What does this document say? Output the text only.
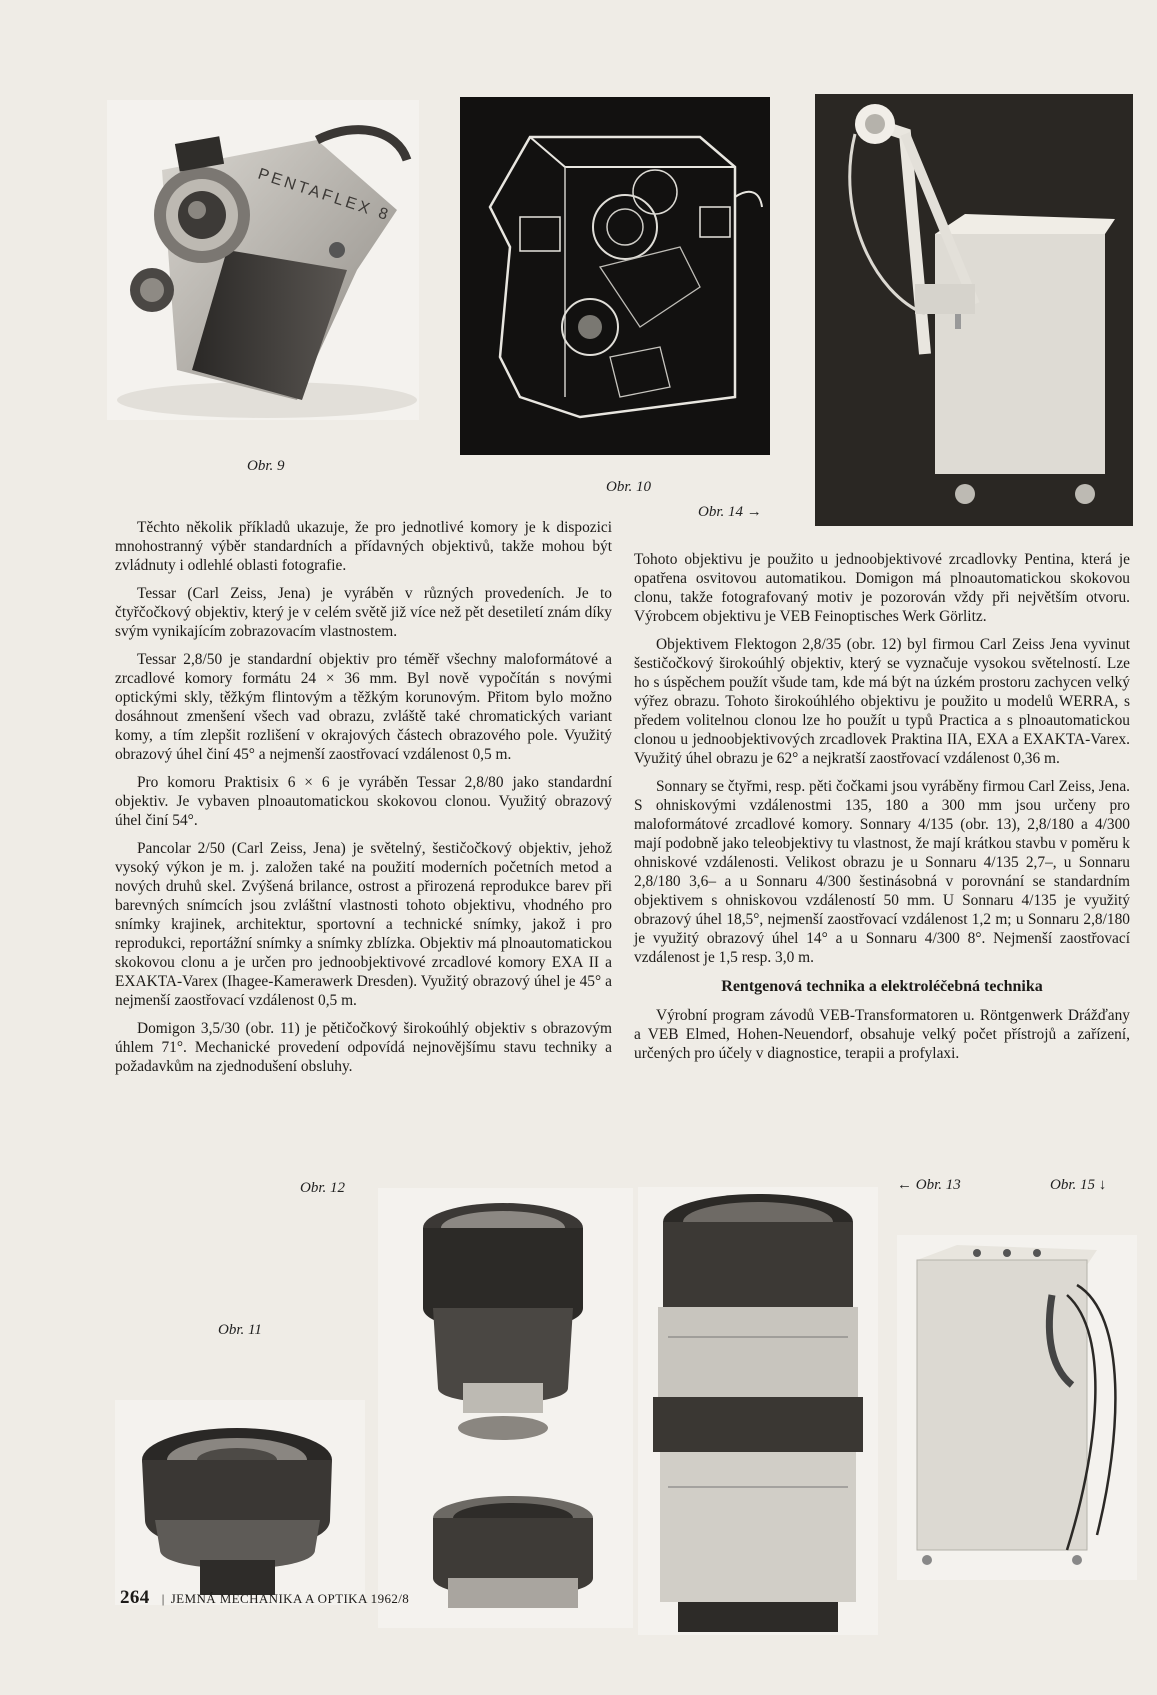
PENTAFLEX 8
Obr. 9
Obr. 10
Obr. 14 →
Obr. 12
Obr. 11
← Obr. 13	Obr. 15 ↓

Těchto několik příkladů ukazuje, že pro jednotlivé komory je k dispozici mnohostranný výběr standardních a přídavných objektivů, takže mohou být zvládnuty i odlehlé oblasti fotografie.

Tessar (Carl Zeiss, Jena) je vyráběn v různých provedeních. Je to čtyřčočkový objektiv, který je v celém světě již více než pět desetiletí znám díky svým vynikajícím zobrazovacím vlastnostem.

Tessar 2,8/50 je standardní objektiv pro téměř všechny maloformátové a zrcadlové komory formátu 24 × 36 mm. Byl nově vypočítán s novými optickými skly, těžkým flintovým a těžkým korunovým. Přitom bylo možno dosáhnout zmenšení všech vad obrazu, zvláště také chromatických variant komy, a tím zlepšit rozlišení v okrajových částech obrazového pole. Využitý obrazový úhel činí 45° a nejmenší zaostřovací vzdálenost 0,5 m.

Pro komoru Praktisix 6 × 6 je vyráběn Tessar 2,8/80 jako standardní objektiv. Je vybaven plnoautomatickou skokovou clonou. Využitý obrazový úhel činí 54°.

Pancolar 2/50 (Carl Zeiss, Jena) je světelný, šestičočkový objektiv, jehož vysoký výkon je m. j. založen také na použití moderních početních metod a nových druhů skel. Zvýšená brilance, ostrost a přirozená reprodukce barev při barevných snímcích jsou zvláštní vlastnosti tohoto objektivu, vhodného pro snímky krajinek, architektur, sportovní a technické snímky, jakož i pro reprodukci, reportážní snímky a snímky zblízka. Objektiv má plnoautomatickou skokovou clonu a je určen pro jednoobjektivové zrcadlové komory EXA II a EXAKTA-Varex (Ihagee-Kamerawerk Dresden). Využitý obrazový úhel je 45° a nejmenší zaostřovací vzdálenost 0,5 m.

Domigon 3,5/30 (obr. 11) je pětičočkový širokoúhlý objektiv s obrazovým úhlem 71°. Mechanické provedení odpovídá nejnovějšímu stavu techniky a požadavkům na zjednodušení obsluhy.

Tohoto objektivu je použito u jednoobjektivové zrcadlovky Pentina, která je opatřena osvitovou automatikou. Domigon má plnoautomatickou skokovou clonu, takže fotografovaný motiv je pozorován vždy při největším otvoru. Výrobcem objektivu je VEB Feinoptisches Werk Görlitz.

Objektivem Flektogon 2,8/35 (obr. 12) byl firmou Carl Zeiss Jena vyvinut šestičočkový širokoúhlý objektiv, který se vyznačuje vysokou světelností. Lze ho s úspěchem použít všude tam, kde má být na úzkém prostoru zachycen velký výřez obrazu. Tohoto širokoúhlého objektivu je použito u modelů WERRA, s předem volitelnou clonou lze ho použít u typů Practica a s plnoautomatickou clonou u jednoobjektivových zrcadlovek Praktina IIA, EXA a EXAKTA-Varex. Využitý úhel obrazu je 62° a nejkratší zaostřovací vzdálenost 0,36 m.

Sonnary se čtyřmi, resp. pěti čočkami jsou vyráběny firmou Carl Zeiss, Jena. S ohniskovými vzdálenostmi 135, 180 a 300 mm jsou určeny pro maloformátové zrcadlové komory. Sonnary 4/135 (obr. 13), 2,8/180 a 4/300 mají podobně jako teleobjektivy tu vlastnost, že mají krátkou stavbu v poměru k ohniskové vzdálenosti. Velikost obrazu je u Sonnaru 4/135 2,7–, u Sonnaru 2,8/180 3,6– a u Sonnaru 4/300 šestinásobná v porovnání se standardním objektivem s ohniskovou vzdáleností 50 mm. U Sonnaru 4/135 je využitý obrazový úhel 18,5°, nejmenší zaostřovací vzdálenost 1,2 m; u Sonnaru 2,8/180 je využitý obrazový úhel 14° a u Sonnaru 4/300 8°. Nejmenší zaostřovací vzdálenost je 1,5 resp. 3,0 m.

Rentgenová technika a elektroléčebná technika

Výrobní program závodů VEB-Transformatoren u. Röntgenwerk Drážďany a VEB Elmed, Hohen-Neuendorf, obsahuje velký počet přístrojů a zařízení, určených pro účely v diagnostice, terapii a profylaxi.

264 | JEMNÁ MECHANIKA A OPTIKA 1962/8
